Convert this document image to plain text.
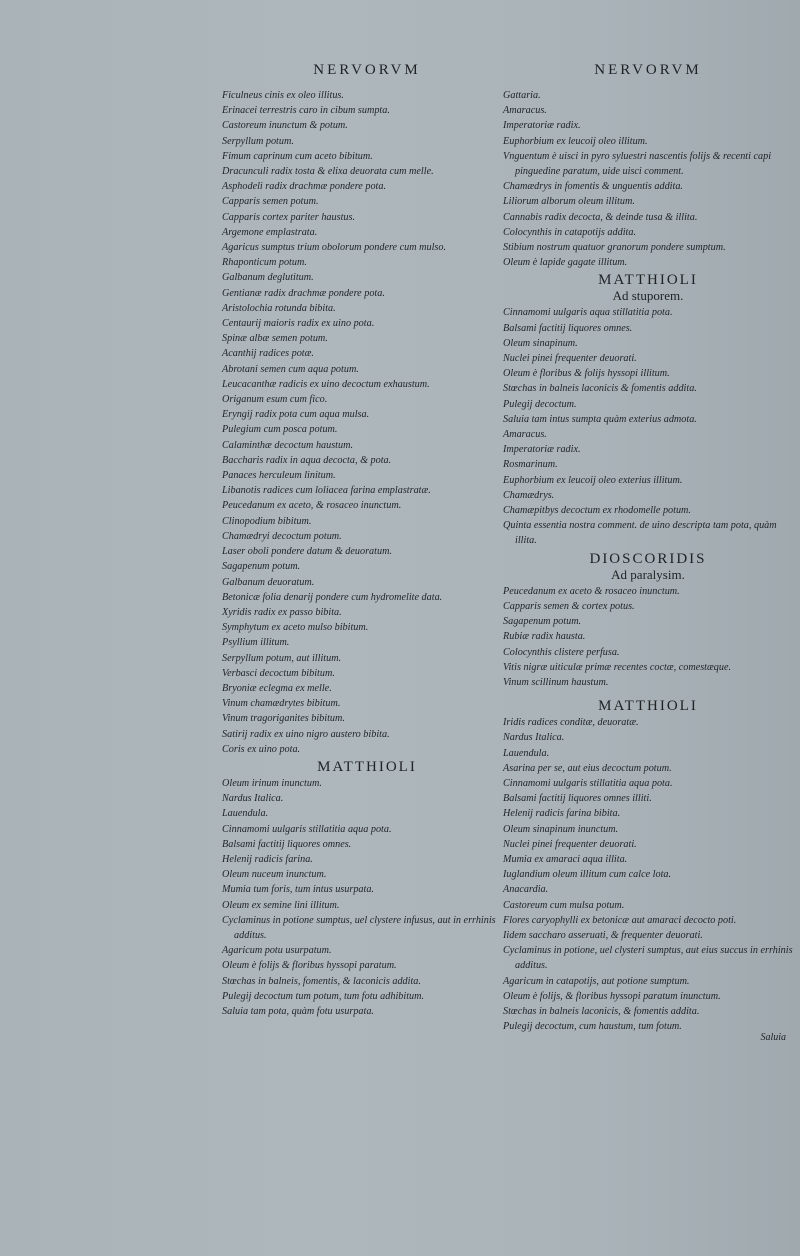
NERVORVM
Ficulneus cinis ex oleo illitus.
Erinacei terrestris caro in cibum sumpta.
Castoreum inunctum & potum.
Serpyllum potum.
Fimum caprinum cum aceto bibitum.
Dracunculi radix tosta & elixa deuorata cum melle.
Asphodeli radix drachmæ pondere pota.
Capparis semen potum.
Capparis cortex pariter haustus.
Argemone emplastrata.
Agaricus sumptus trium obolorum pondere cum mulso.
Rhaponticum potum.
Galbanum deglutitum.
Gentianæ radix drachmæ pondere pota.
Aristolochia rotunda bibita.
Centaurij maioris radix ex uino pota.
Spinæ albæ semen potum.
Acanthij radices potæ.
Abrotani semen cum aqua potum.
Leucacanthæ radicis ex uino decoctum exhaustum.
Origanum esum cum fico.
Eryngij radix pota cum aqua mulsa.
Pulegium cum posca potum.
Calaminthæ decoctum haustum.
Baccharis radix in aqua decocta, & pota.
Panaces herculeum linitum.
Libanotis radices cum loliacea farina emplastratæ.
Peucedanum ex aceto, & rosaceo inunctum.
Clinopodium bibitum.
Chamædryi decoctum potum.
Laser oboli pondere datum & deuoratum.
Sagapenum potum.
Galbanum deuoratum.
Betonicæ folia denarij pondere cum hydromelite data.
Xyridis radix ex passo bibita.
Symphytum ex aceto mulso bibitum.
Psyllium illitum.
Serpyllum potum, aut illitum.
Verbasci decoctum bibitum.
Bryoniæ eclegma ex melle.
Vinum chamædrytes bibitum.
Vinum tragoriganites bibitum.
Satirij radix ex uino nigro austero bibita.
Coris ex uino pota.
MATTHIOLI
Oleum irinum inunctum.
Nardus Italica.
Lauendula.
Cinnamomi uulgaris stillatitia aqua pota.
Balsami factitij liquores omnes.
Helenij radicis farina.
Oleum nuceum inunctum.
Mumia tum foris, tum intus usurpata.
Oleum ex semine lini illitum.
Cyclaminus in potione sumptus, uel clystere infusus, aut in errhinis additus.
Agaricum potu usurpatum.
Oleum è folijs & floribus hyssopi paratum.
Stœchas in balneis, fomentis, & laconicis addita.
Pulegij decoctum tum potum, tum fotu adhibitum.
Saluia tam pota, quàm fotu usurpata.
NERVORVM
Gattaria.
Amaracus.
Imperatoriæ radix.
Euphorbium ex leucoij oleo illitum.
Vnguentum è uisci in pyro syluestri nascentis folijs & recenti capi pinguedine paratum, uide uisci comment.
Chamædrys in fomentis & unguentis addita.
Liliorum alborum oleum illitum.
Cannabis radix decocta, & deinde tusa & illita.
Colocynthis in catapotijs addita.
Stibium nostrum quatuor granorum pondere sumptum.
Oleum è lapide gagate illitum.
MATTHIOLI
Ad stuporem.
Cinnamomi uulgaris aqua stillatitia pota.
Balsami factitij liquores omnes.
Oleum sinapinum.
Nuclei pinei frequenter deuorati.
Oleum è floribus & folijs hyssopi illitum.
Stœchas in balneis laconicis & fomentis addita.
Pulegij decoctum.
Saluia tam intus sumpta quàm exterius admota.
Amaracus.
Imperatoriæ radix.
Rosmarinum.
Euphorbium ex leucoij oleo exterius illitum.
Chamædrys.
Chamæpitbys decoctum ex rhodomelle potum.
Quinta essentia nostra comment. de uino descripta tam pota, quàm illita.
DIOSCORIDIS
Ad paralysim.
Peucedanum ex aceto & rosaceo inunctum.
Capparis semen & cortex potus.
Sagapenum potum.
Rubiæ radix hausta.
Colocynthis clistere perfusa.
Vitis nigræ uiticulæ primæ recentes coctæ, comestæque.
Vinum scillinum haustum.
MATTHIOLI
Iridis radices conditæ, deuoratæ.
Nardus Italica.
Lauendula.
Asarina per se, aut eius decoctum potum.
Cinnamomi uulgaris stillatitia aqua pota.
Balsami factitij liquores omnes illiti.
Helenij radicis farina bibita.
Oleum sinapinum inunctum.
Nuclei pinei frequenter deuorati.
Mumia ex amaraci aqua illita.
Iuglandium oleum illitum cum calce lota.
Anacardia.
Castoreum cum mulsa potum.
Flores caryophylli ex betonicæ aut amaraci decocto poti.
Iidem saccharo asseruati, & frequenter deuorati.
Cyclaminus in potione, uel clysteri sumptus, aut eius succus in errhinis additus.
Agaricum in catapotijs, aut potione sumptum.
Oleum è folijs, & floribus hyssopi paratum inunctum.
Stœchas in balneis laconicis, & fomentis addita.
Pulegij decoctum, cum haustum, tum fotum.
Saluia
